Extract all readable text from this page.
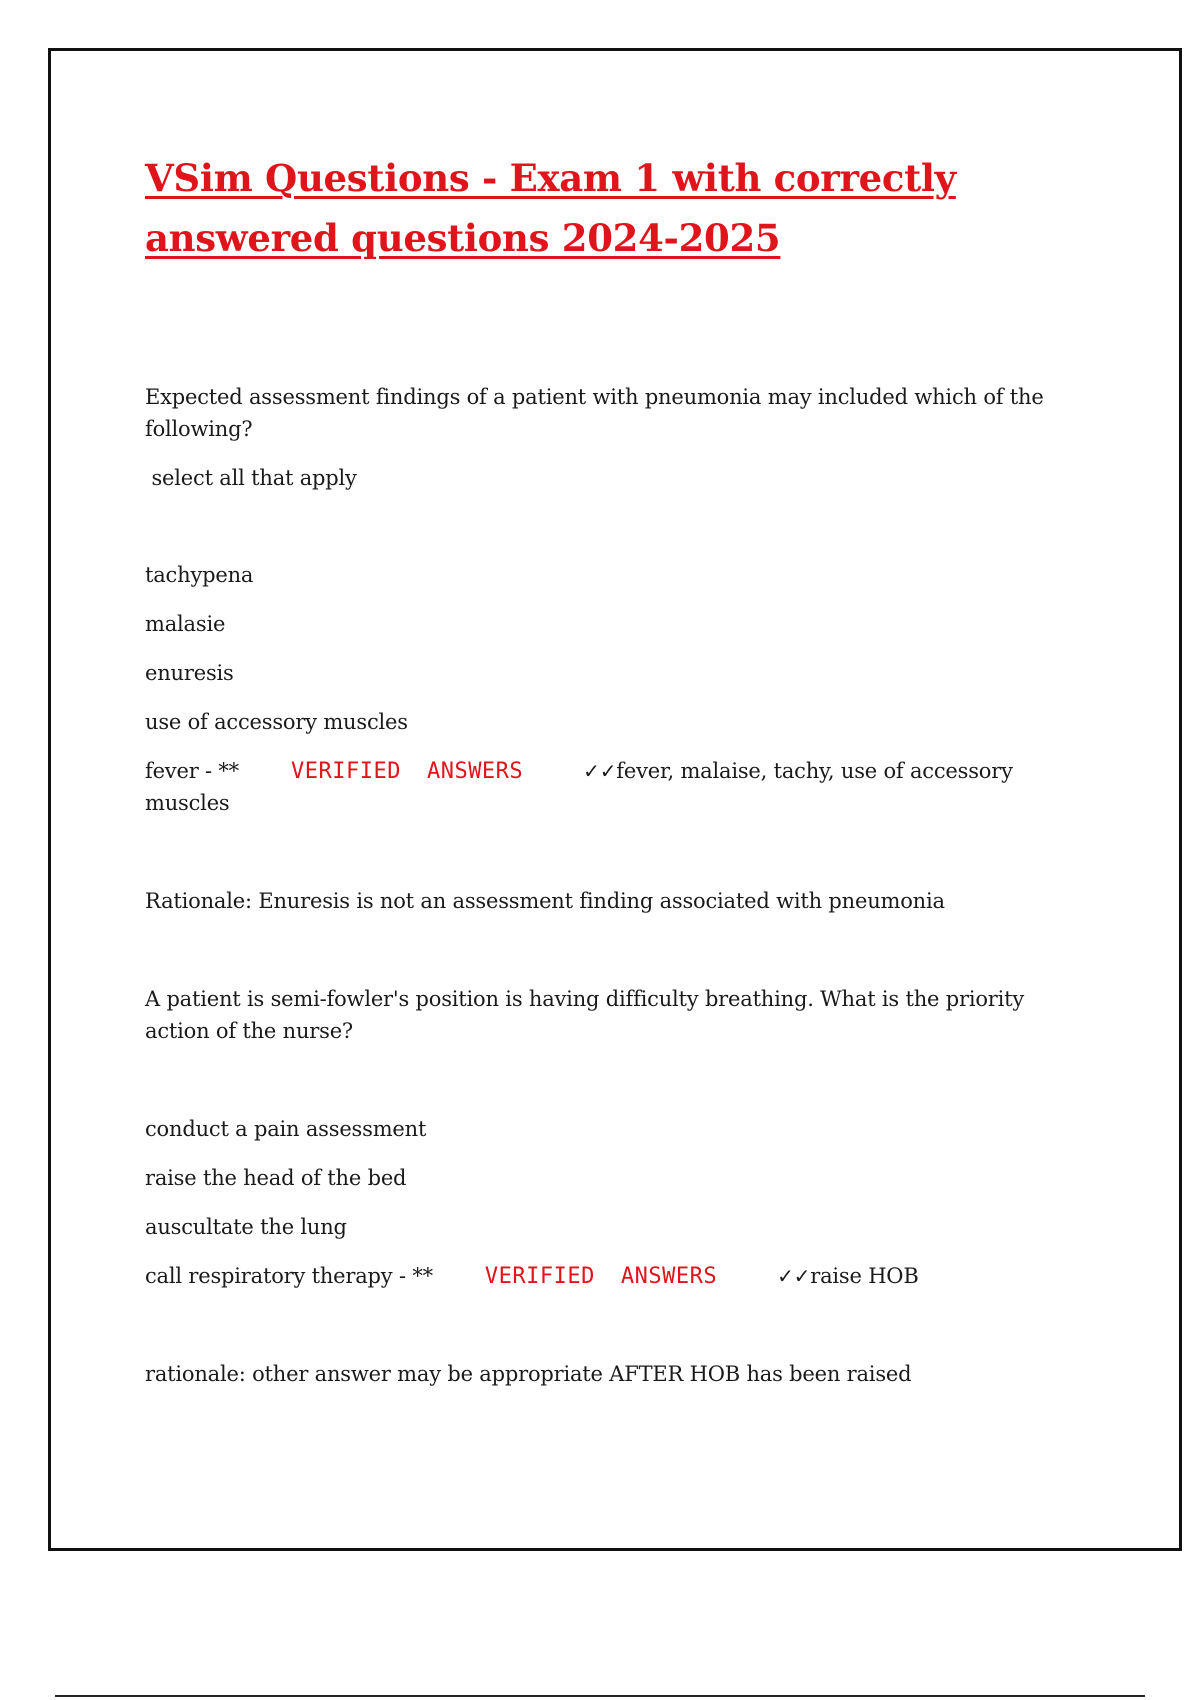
VSim Questions - Exam 1 with correctly answered questions 2024-2025

Expected assessment findings of a patient with pneumonia may included which of the following?

select all that apply

tachypena

malasie

enuresis

use of accessory muscles

fever - ** VERIFIED ANSWERS	✓✓fever, malaise, tachy, use of accessory

muscles

Rationale: Enuresis is not an assessment finding associated with pneumonia

A patient is semi-fowler's position is having difficulty breathing. What is the priority action of the nurse?

conduct a pain assessment

raise the head of the bed

auscultate the lung

call respiratory therapy - ** VERIFIED ANSWERS	✓✓raise HOB

rationale: other answer may be appropriate AFTER HOB has been raised
